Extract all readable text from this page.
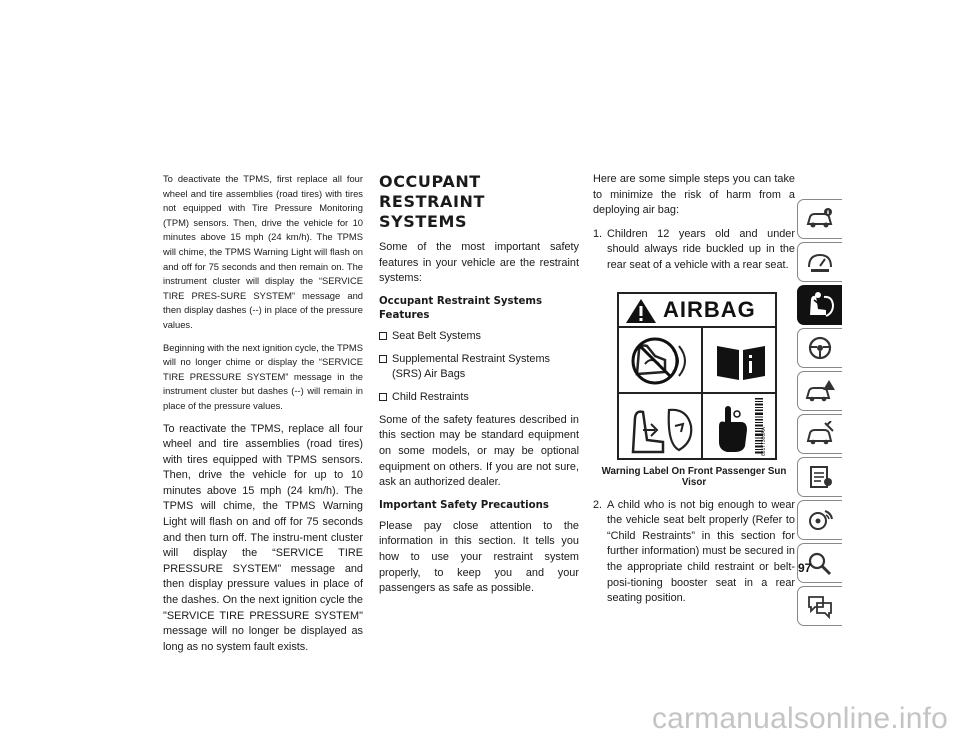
To deactivate the TPMS, first replace all four wheel and tire assemblies (road tires) with tires not equipped with Tire Pressure Monitoring (TPM) sensors. Then, drive the vehicle for 10 minutes above 15 mph (24 km/h). The TPMS will chime, the TPMS Warning Light will flash on and off for 75 seconds and then remain on. The instrument cluster will display the “SERVICE TIRE PRES-SURE SYSTEM” message and then display dashes (--) in place of the pressure values.

Beginning with the next ignition cycle, the TPMS will no longer chime or display the “SERVICE TIRE PRESSURE SYSTEM” message in the instrument cluster but dashes (--) will remain in place of the pressure values.

To reactivate the TPMS, replace all four wheel and tire assemblies (road tires) with tires equipped with TPMS sensors. Then, drive the vehicle for up to 10 minutes above 15 mph (24 km/h). The TPMS will chime, the TPMS Warning Light will flash on and off for 75 seconds and then turn off. The instru-ment cluster will display the “SERVICE TIRE PRESSURE SYSTEM” message and then display pressure values in place of the dashes. On the next ignition cycle the "SERVICE TIRE PRESSURE SYSTEM" message will no longer be displayed as long as no system fault exists.

OCCUPANT RESTRAINT SYSTEMS

Some of the most important safety features in your vehicle are the restraint systems:

Occupant Restraint Systems Features
Seat Belt Systems
Supplemental Restraint Systems (SRS) Air Bags
Child Restraints

Some of the safety features described in this section may be standard equipment on some models, or may be optional equipment on others. If you are not sure, ask an authorized dealer.

Important Safety Precautions

Please pay close attention to the information in this section. It tells you how to use your restraint system properly, to keep you and your passengers as safe as possible.

Here are some simple steps you can take to minimize the risk of harm from a deploying air bag:

1. Children 12 years old and under should always ride buckled up in the rear seat of a vehicle with a rear seat.
AIRBAG
68177300AA
Warning Label On Front Passenger Sun Visor
2. A child who is not big enough to wear the vehicle seat belt properly (Refer to “Child Restraints” in this section for further information) must be secured in the appropriate child restraint or belt-posi-tioning booster seat in a rear seating position.
97
carmanualsonline.info
